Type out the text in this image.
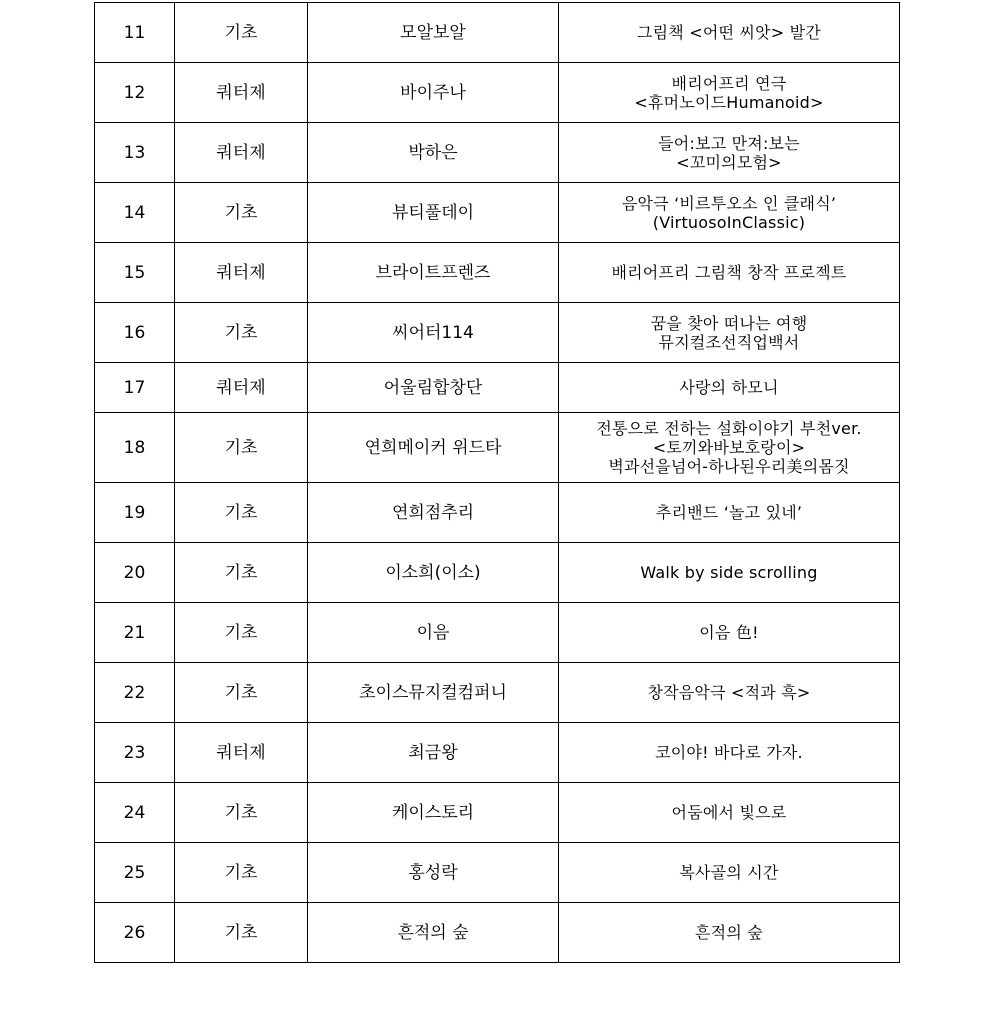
11	기초	모알보알	그림책 <어떤 씨앗> 발간

12	쿼터제	바이주나	배리어프리 연극
<휴머노이드Humanoid>

13	쿼터제	박하은	들어:보고 만져:보는
<꼬미의모험>

14	기초	뷰티풀데이	음악극 ‘비르투오소 인 클래식’
(VirtuosoInClassic)

15	쿼터제	브라이트프렌즈	배리어프리 그림책 창작 프로젝트

16	기초	씨어터114	꿈을 찾아 떠나는 여행
뮤지컬조선직업백서

17	쿼터제	어울림합창단	사랑의 하모니

18	기초	연희메이커 위드타	전통으로 전하는 설화이야기 부천ver.
<토끼와바보호랑이>
벽과선을넘어-하나된우리美의몸짓

19	기초	연희점추리	추리밴드 ‘놀고 있네’

20	기초	이소희(이소)	Walk by side scrolling

21	기초	이음	이음 色!

22	기초	초이스뮤지컬컴퍼니	창작음악극 <적과 흑>

23	쿼터제	최금왕	코이야! 바다로 가자.

24	기초	케이스토리	어둠에서 빛으로

25	기초	홍성락	복사골의 시간

26	기초	흔적의 숲	흔적의 숲
